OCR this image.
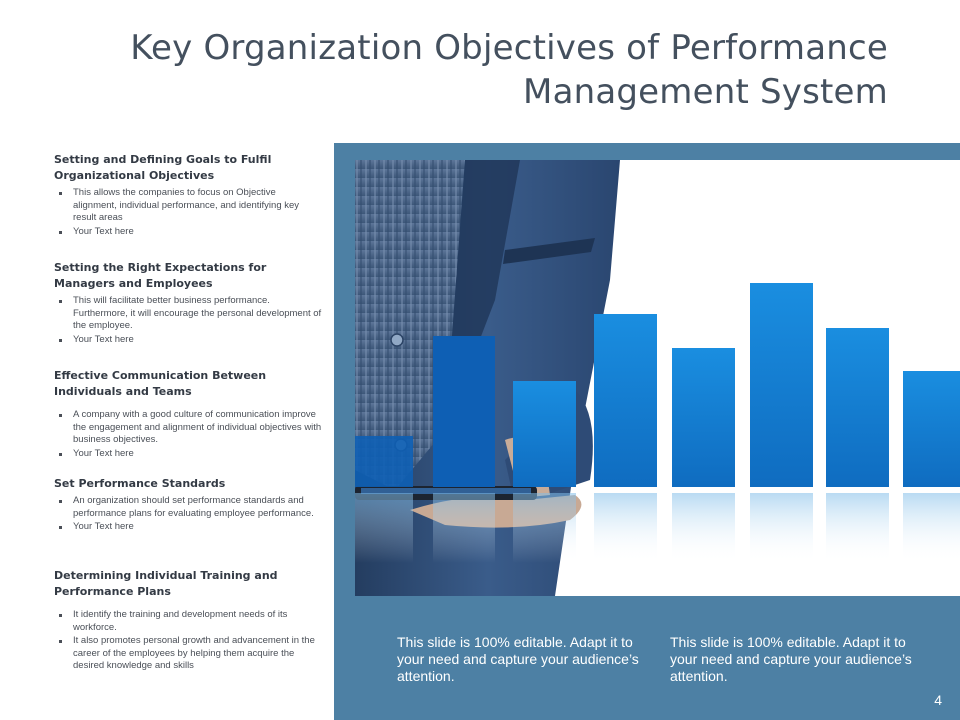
Key Organization Objectives of Performance Management System
Setting and Defining Goals to Fulfil Organizational Objectives
This allows the companies to focus on Objective alignment, individual performance, and identifying key result areas
Your Text here
Setting the Right Expectations for Managers and Employees
This will facilitate better business performance. Furthermore, it will encourage the personal development of the employee.
Your Text here
Effective Communication Between Individuals and Teams
A company with a good culture of communication improve the engagement and alignment of individual objectives with business objectives.
Your Text here
Set Performance Standards
An organization should set performance standards and performance plans for evaluating employee performance.
Your Text here
Determining Individual Training and Performance Plans
It identify the training and development needs of its workforce.
It also promotes personal growth and advancement in the career of the employees by helping them acquire the desired knowledge and skills
This slide is 100% editable. Adapt it to your need and capture your audience’s attention.
This slide is 100% editable. Adapt it to your need and capture your audience’s attention.
4
